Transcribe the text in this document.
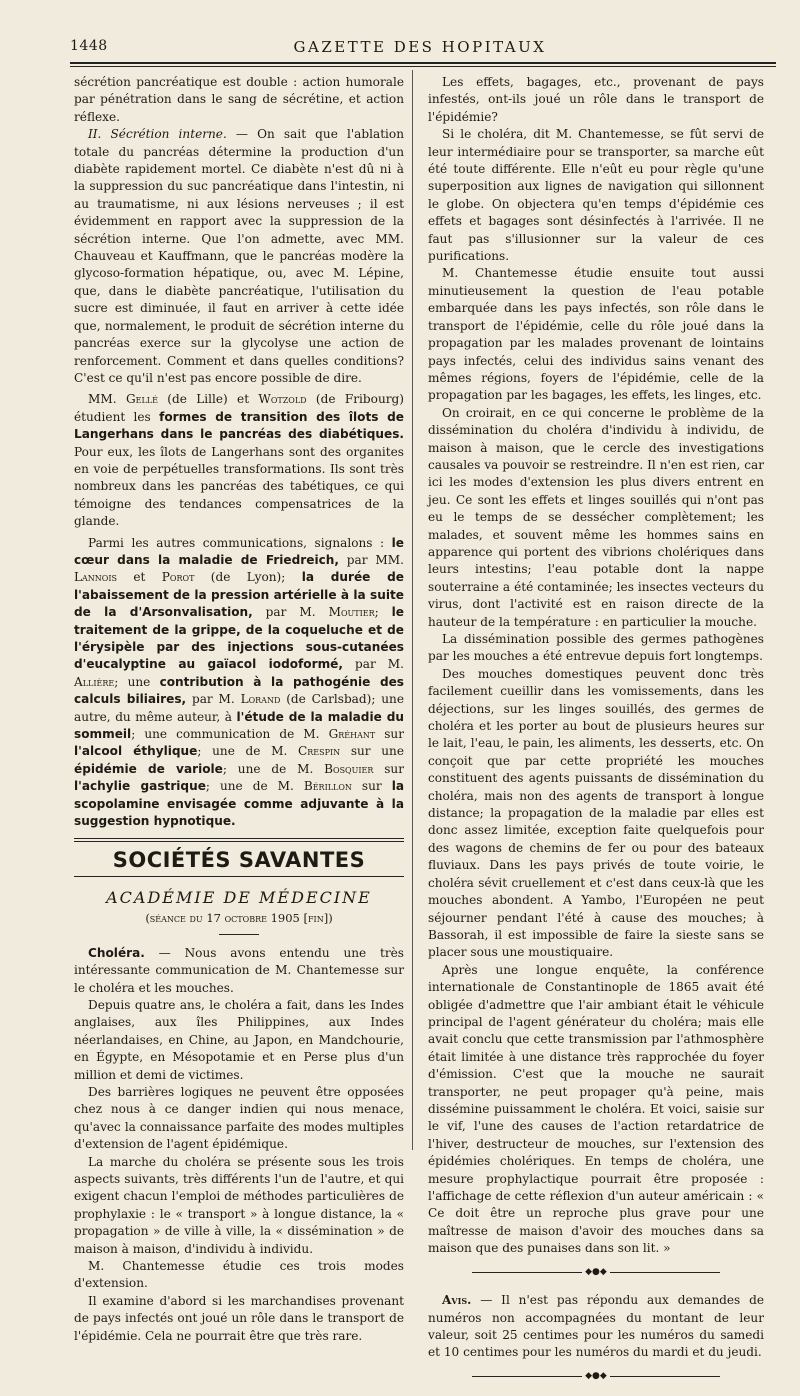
1448	GAZETTE DES HOPITAUX

sécrétion pancréatique est double : action humorale par pénétration dans le sang de sécrétine, et action réflexe.

II. Sécrétion interne. — On sait que l'ablation totale du pancréas détermine la production d'un diabète rapidement mortel. Ce diabète n'est dû ni à la suppression du suc pancréatique dans l'intestin, ni au traumatisme, ni aux lésions nerveuses ; il est évidemment en rapport avec la suppression de la sécrétion interne. Que l'on admette, avec MM. Chauveau et Kauffmann, que le pancréas modère la glycoso-formation hépatique, ou, avec M. Lépine, que, dans le diabète pancréatique, l'utilisation du sucre est diminuée, il faut en arriver à cette idée que, normalement, le produit de sécrétion interne du pancréas exerce sur la glycolyse une action de renforcement. Comment et dans quelles conditions? C'est ce qu'il n'est pas encore possible de dire.

MM. Gellé (de Lille) et Wotzold (de Fribourg) étudient les formes de transition des îlots de Langerhans dans le pancréas des diabétiques. Pour eux, les îlots de Langerhans sont des organites en voie de perpétuelles transformations. Ils sont très nombreux dans les pancréas des tabétiques, ce qui témoigne des tendances compensatrices de la glande.

Parmi les autres communications, signalons : le cœur dans la maladie de Friedreich, par MM. Lannois et Porot (de Lyon); la durée de l'abaissement de la pression artérielle à la suite de la d'Arsonvalisation, par M. Moutier; le traitement de la grippe, de la coqueluche et de l'érysipèle par des injections sous-cutanées d'eucalyptine au gaïacol iodoformé, par M. Allière; une contribution à la pathogénie des calculs biliaires, par M. Lorand (de Carlsbad); une autre, du même auteur, à l'étude de la maladie du sommeil; une communication de M. Gréhant sur l'alcool éthylique; une de M. Crespin sur une épidémie de variole; une de M. Bosquier sur l'achylie gastrique; une de M. Bérillon sur la scopolamine envisagée comme adjuvante à la suggestion hypnotique.

SOCIÉTÉS SAVANTES
ACADÉMIE DE MÉDECINE
(séance du 17 octobre 1905 [fin])

Choléra. — Nous avons entendu une très intéressante communication de M. Chantemesse sur le choléra et les mouches.

Depuis quatre ans, le choléra a fait, dans les Indes anglaises, aux îles Philippines, aux Indes néerlandaises, en Chine, au Japon, en Mandchourie, en Égypte, en Mésopotamie et en Perse plus d'un million et demi de victimes.

Des barrières logiques ne peuvent être opposées chez nous à ce danger indien qui nous menace, qu'avec la connaissance parfaite des modes multiples d'extension de l'agent épidémique.

La marche du choléra se présente sous les trois aspects suivants, très différents l'un de l'autre, et qui exigent chacun l'emploi de méthodes particulières de prophylaxie : le « transport » à longue distance, la « propagation » de ville à ville, la « dissémination » de maison à maison, d'individu à individu.

M. Chantemesse étudie ces trois modes d'extension.

Il examine d'abord si les marchandises provenant de pays infectés ont joué un rôle dans le transport de l'épidémie. Cela ne pourrait être que très rare.

Les effets, bagages, etc., provenant de pays infestés, ont-ils joué un rôle dans le transport de l'épidémie?

Si le choléra, dit M. Chantemesse, se fût servi de leur intermédiaire pour se transporter, sa marche eût été toute différente. Elle n'eût eu pour règle qu'une superposition aux lignes de navigation qui sillonnent le globe. On objectera qu'en temps d'épidémie ces effets et bagages sont désinfectés à l'arrivée. Il ne faut pas s'illusionner sur la valeur de ces purifications.

M. Chantemesse étudie ensuite tout aussi minutieusement la question de l'eau potable embarquée dans les pays infectés, son rôle dans le transport de l'épidémie, celle du rôle joué dans la propagation par les malades provenant de lointains pays infectés, celui des individus sains venant des mêmes régions, foyers de l'épidémie, celle de la propagation par les bagages, les effets, les linges, etc.

On croirait, en ce qui concerne le problème de la dissémination du choléra d'individu à individu, de maison à maison, que le cercle des investigations causales va pouvoir se restreindre. Il n'en est rien, car ici les modes d'extension les plus divers entrent en jeu. Ce sont les effets et linges souillés qui n'ont pas eu le temps de se dessécher complètement; les malades, et souvent même les hommes sains en apparence qui portent des vibrions cholériques dans leurs intestins; l'eau potable dont la nappe souterraine a été contaminée; les insectes vecteurs du virus, dont l'activité est en raison directe de la hauteur de la température : en particulier la mouche.

La dissémination possible des germes pathogènes par les mouches a été entrevue depuis fort longtemps.

Des mouches domestiques peuvent donc très facilement cueillir dans les vomissements, dans les déjections, sur les linges souillés, des germes de choléra et les porter au bout de plusieurs heures sur le lait, l'eau, le pain, les aliments, les desserts, etc. On conçoit que par cette propriété les mouches constituent des agents puissants de dissémination du choléra, mais non des agents de transport à longue distance; la propagation de la maladie par elles est donc assez limitée, exception faite quelquefois pour des wagons de chemins de fer ou pour des bateaux fluviaux. Dans les pays privés de toute voirie, le choléra sévit cruellement et c'est dans ceux-là que les mouches abondent. A Yambo, l'Européen ne peut séjourner pendant l'été à cause des mouches; à Bassorah, il est impossible de faire la sieste sans se placer sous une moustiquaire.

Après une longue enquête, la conférence internationale de Constantinople de 1865 avait été obligée d'admettre que l'air ambiant était le véhicule principal de l'agent générateur du choléra; mais elle avait conclu que cette transmission par l'athmosphère était limitée à une distance très rapprochée du foyer d'émission. C'est que la mouche ne saurait transporter, ne peut propager qu'à peine, mais dissémine puissamment le choléra. Et voici, saisie sur le vif, l'une des causes de l'action retardatrice de l'hiver, destructeur de mouches, sur l'extension des épidémies cholériques. En temps de choléra, une mesure prophylactique pourrait être proposée : l'affichage de cette réflexion d'un auteur américain : « Ce doit être un reproche plus grave pour une maîtresse de maison d'avoir des mouches dans sa maison que des punaises dans son lit. »

◆●◆

Avis. — Il n'est pas répondu aux demandes de numéros non accompagnées du montant de leur valeur, soit 25 centimes pour les numéros du samedi et 10 centimes pour les numéros du mardi et du jeudi.

◆●◆
